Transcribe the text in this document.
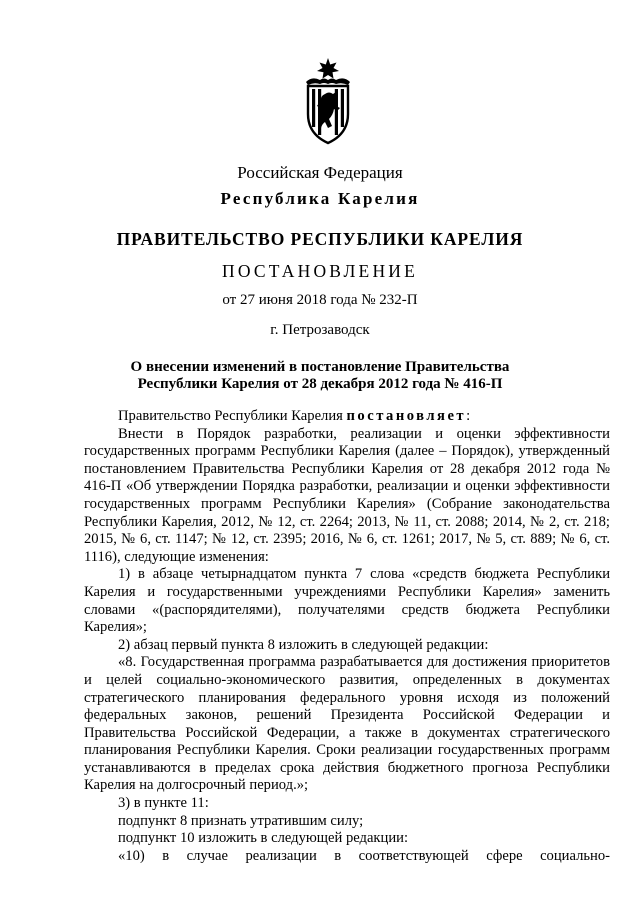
Российская Федерация
Республика Карелия
ПРАВИТЕЛЬСТВО РЕСПУБЛИКИ КАРЕЛИЯ
ПОСТАНОВЛЕНИЕ
от 27 июня 2018 года № 232-П
г. Петрозаводск
О внесении изменений в постановление Правительства
Республики Карелия от 28 декабря 2012 года № 416-П
Правительство Республики Карелия постановляет:
Внести в Порядок разработки, реализации и оценки эффективности государственных программ Республики Карелия (далее – Порядок), утвержденный постановлением Правительства Республики Карелия от 28 декабря 2012 года № 416-П «Об утверждении Порядка разработки, реализации и оценки эффективности государственных программ Республики Карелия» (Собрание законодательства Республики Карелия, 2012, № 12, ст. 2264; 2013, № 11, ст. 2088; 2014, № 2, ст. 218; 2015, № 6, ст. 1147; № 12, ст. 2395; 2016, № 6, ст. 1261; 2017, № 5, ст. 889; № 6, ст. 1116), следующие изменения:
1) в абзаце четырнадцатом пункта 7 слова «средств бюджета Республики Карелия и государственными учреждениями Республики Карелия» заменить словами «(распорядителями), получателями средств бюджета Республики Карелия»;
2) абзац первый пункта 8 изложить в следующей редакции:
«8. Государственная программа разрабатывается для достижения приоритетов и целей социально-экономического развития, определенных в документах стратегического планирования федерального уровня исходя из положений федеральных законов, решений Президента Российской Федерации и Правительства Российской Федерации, а также в документах стратегического планирования Республики Карелия. Сроки реализации государственных программ устанавливаются в пределах срока действия бюджетного прогноза Республики Карелия на долгосрочный период.»;
3) в пункте 11:
подпункт 8 признать утратившим силу;
подпункт 10 изложить в следующей редакции:
«10) в случае реализации в соответствующей сфере социально-
